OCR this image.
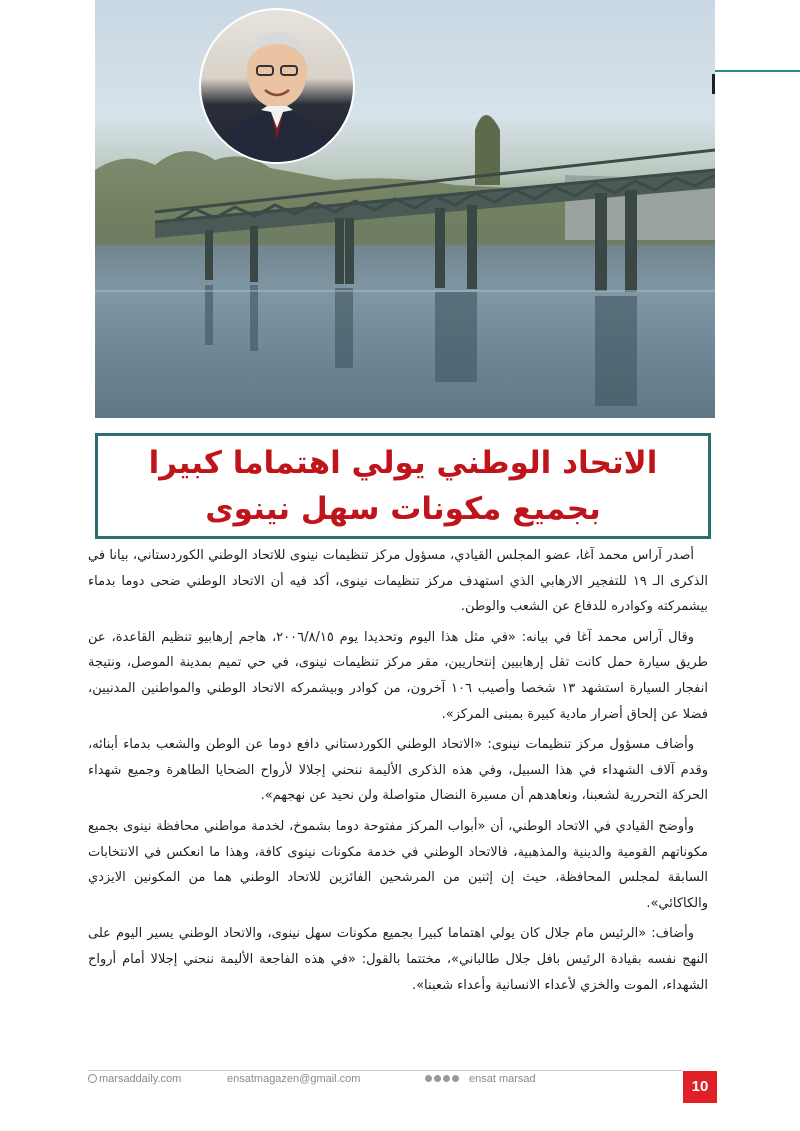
الاتحاد الوطني يولي اهتماما كبيرا بجميع مكونات سهل نينوى

أصدر آراس محمد آغا، عضو المجلس القيادي، مسؤول مركز تنظيمات نينوى للاتحاد الوطني الكوردستاني، بيانا في الذكرى الـ ١٩ للتفجير الارهابي الذي استهدف مركز تنظيمات نينوى، أكد فيه أن الاتحاد الوطني ضحى دوما بدماء بيشمركته وكوادره للدفاع عن الشعب والوطن.

وقال آراس محمد آغا في بيانه: «في مثل هذا اليوم وتحديدا يوم ٢٠٠٦/٨/١٥، هاجم إرهابيو تنظيم القاعدة، عن طريق سيارة حمل كانت تقل إرهابيين إنتحاريين، مقر مركز تنظيمات نينوى، في حي تميم بمدينة الموصل، ونتيجة انفجار السيارة استشهد ١٣ شخصا وأصيب ١٠٦ آخرون، من كوادر وبيشمركه الاتحاد الوطني والمواطنين المدنيين، فضلا عن إلحاق أضرار مادية كبيرة بمبنى المركز».

وأضاف مسؤول مركز تنظيمات نينوى: «الاتحاد الوطني الكوردستاني دافع دوما عن الوطن والشعب بدماء أبنائه، وقدم آلاف الشهداء في هذا السبيل، وفي هذه الذكرى الأليمة ننحني إجلالا لأرواح الضحايا الطاهرة وجميع شهداء الحركة التحررية لشعبنا، ونعاهدهم أن مسيرة النضال متواصلة ولن نحيد عن نهجهم».

وأوضح القيادي في الاتحاد الوطني، أن «أبواب المركز مفتوحة دوما بشموخ، لخدمة مواطني محافظة نينوى بجميع مكوناتهم القومية والدينية والمذهبية، فالاتحاد الوطني في خدمة مكونات نينوى كافة، وهذا ما انعكس في الانتخابات السابقة لمجلس المحافظة، حيث إن إثنين من المرشحين الفائزين للاتحاد الوطني هما من المكونين الايزدي والكاكائي».

وأضاف: «الرئيس مام جلال كان يولي اهتماما كبيرا بجميع مكونات سهل نينوى، والاتحاد الوطني يسير اليوم على النهج نفسه بقيادة الرئيس بافل جلال طالباني»، مختتما بالقول: «في هذه الفاجعة الأليمة ننحني إجلالا أمام أرواح الشهداء، الموت والخزي لأعداء الانسانية وأعداء شعبنا».

marsaddaily.com	ensatmagazen@gmail.com	ensat marsad	10
